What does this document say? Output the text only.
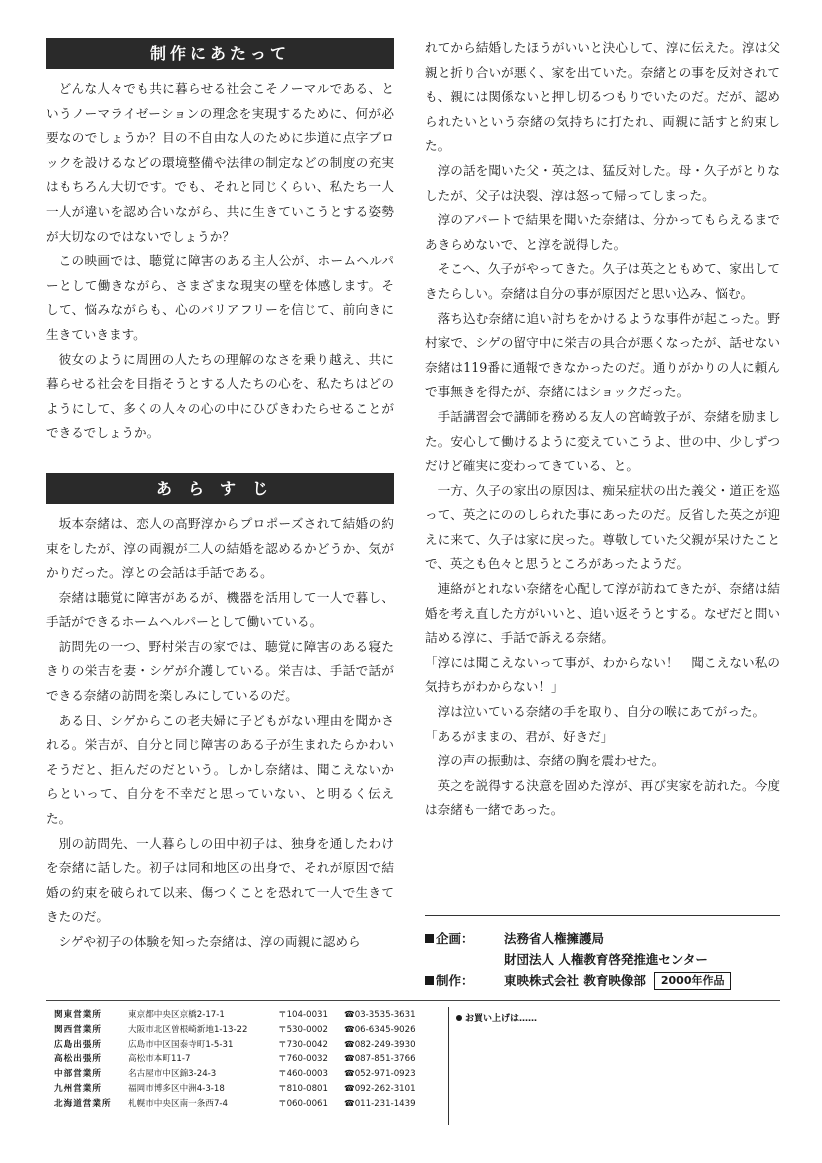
制作にあたって

どんな人々でも共に暮らせる社会こそノーマルである、というノーマライゼーションの理念を実現するために、何が必要なのでしょうか？目の不自由な人のために歩道に点字ブロックを設けるなどの環境整備や法律の制定などの制度の充実はもちろん大切です。でも、それと同じくらい、私たち一人一人が違いを認め合いながら、共に生きていこうとする姿勢が大切なのではないでしょうか？

この映画では、聴覚に障害のある主人公が、ホームヘルパーとして働きながら、さまざまな現実の壁を体感します。そして、悩みながらも、心のバリアフリーを信じて、前向きに生きていきます。

彼女のように周囲の人たちの理解のなさを乗り越え、共に暮らせる社会を目指そうとする人たちの心を、私たちはどのようにして、多くの人々の心の中にひびきわたらせることができるでしょうか。

あらすじ

坂本奈緒は、恋人の高野淳からプロポーズされて結婚の約束をしたが、淳の両親が二人の結婚を認めるかどうか、気がかりだった。淳との会話は手話である。

奈緒は聴覚に障害があるが、機器を活用して一人で暮し、手話ができるホームヘルパーとして働いている。

訪問先の一つ、野村栄吉の家では、聴覚に障害のある寝たきりの栄吉を妻・シゲが介護している。栄吉は、手話で話ができる奈緒の訪問を楽しみにしているのだ。

ある日、シゲからこの老夫婦に子どもがない理由を聞かされる。栄吉が、自分と同じ障害のある子が生まれたらかわいそうだと、拒んだのだという。しかし奈緒は、聞こえないからといって、自分を不幸だと思っていない、と明るく伝えた。

別の訪問先、一人暮らしの田中初子は、独身を通したわけを奈緒に話した。初子は同和地区の出身で、それが原因で結婚の約束を破られて以来、傷つくことを恐れて一人で生きてきたのだ。

シゲや初子の体験を知った奈緒は、淳の両親に認めら

れてから結婚したほうがいいと決心して、淳に伝えた。淳は父親と折り合いが悪く、家を出ていた。奈緒との事を反対されても、親には関係ないと押し切るつもりでいたのだ。だが、認められたいという奈緒の気持ちに打たれ、両親に話すと約束した。

淳の話を聞いた父・英之は、猛反対した。母・久子がとりなしたが、父子は決裂、淳は怒って帰ってしまった。

淳のアパートで結果を聞いた奈緒は、分かってもらえるまであきらめないで、と淳を説得した。

そこへ、久子がやってきた。久子は英之ともめて、家出してきたらしい。奈緒は自分の事が原因だと思い込み、悩む。

落ち込む奈緒に追い討ちをかけるような事件が起こった。野村家で、シゲの留守中に栄吉の具合が悪くなったが、話せない奈緒は119番に通報できなかったのだ。通りがかりの人に頼んで事無きを得たが、奈緒にはショックだった。

手話講習会で講師を務める友人の宮崎敦子が、奈緒を励ました。安心して働けるように変えていこうよ、世の中、少しずつだけど確実に変わってきている、と。

一方、久子の家出の原因は、痴呆症状の出た義父・道正を巡って、英之にののしられた事にあったのだ。反省した英之が迎えに来て、久子は家に戻った。尊敬していた父親が呆けたことで、英之も色々と思うところがあったようだ。

連絡がとれない奈緒を心配して淳が訪ねてきたが、奈緒は結婚を考え直した方がいいと、追い返そうとする。なぜだと問い詰める淳に、手話で訴える奈緒。

「淳には聞こえないって事が、わからない！　聞こえない私の気持ちがわからない！」

淳は泣いている奈緒の手を取り、自分の喉にあてがった。

「あるがままの、君が、好きだ」

淳の声の振動は、奈緒の胸を震わせた。

英之を説得する決意を固めた淳が、再び実家を訪れた。今度は奈緒も一緒であった。

企画：	法務省人権擁護局
財団法人 人権教育啓発推進センター
制作：	東映株式会社 教育映像部	2000年作品
関東営業所	東京都中央区京橋2-17-1	〒104-0031	☎03-3535-3631
関西営業所	大阪市北区曽根崎新地1-13-22	〒530-0002	☎06-6345-9026
広島出張所	広島市中区国泰寺町1-5-31	〒730-0042	☎082-249-3930
高松出張所	高松市本町11-7	〒760-0032	☎087-851-3766
中部営業所	名古屋市中区錦3-24-3	〒460-0003	☎052-971-0923
九州営業所	福岡市博多区中洲4-3-18	〒810-0801	☎092-262-3101
北海道営業所	札幌市中央区南一条西7-4	〒060-0061	☎011-231-1439
お買い上げは……
